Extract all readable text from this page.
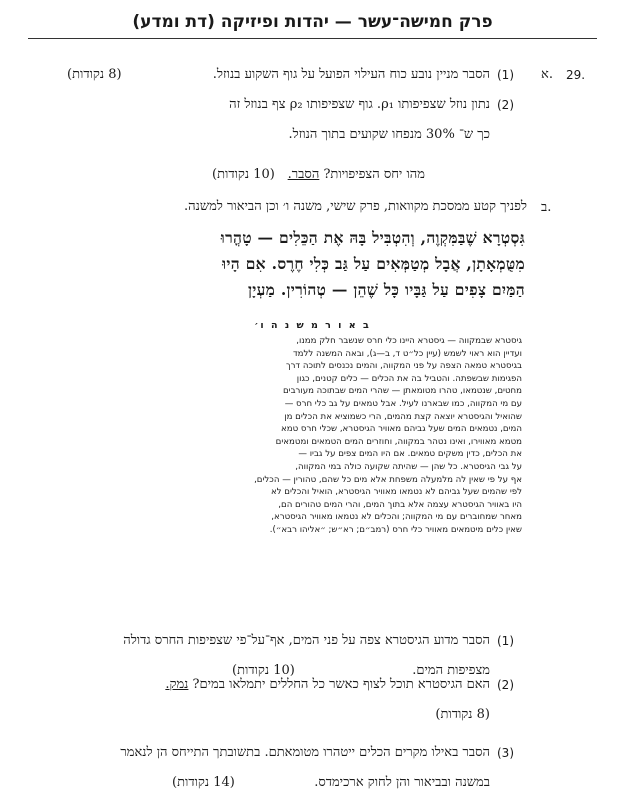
פרק חמישה־עשר — יהדות ופיזיקה (דת ומדע)
29.
א.
(1)
הסבר מניין נובע כוח העילוי הפועל על גוף השקוע בנוזל.
(8 נקודות)
(2)
נתון נוזל שצפיפותו ρ₁. גוף שצפיפותו ρ₂ צף בנוזל זה
כך ש־ 30% מנפחו שקועים בתוך הנוזל.
מהו יחס הצפיפויות? הסבר.
(10 נקודות)
ב.
לפניך קטע ממסכת מקוואות, פרק שישי, משנה ו׳ וכן הביאור למשנה.
גִּסְטְרָא שֶׁבַּמִּקְוֶה, וְהִטְבִּיל בָּהּ אֶת הַכֵּלִים — טָהֳרוּ
מִטֻּמְאָתָן, אֲבָל מְטַמְּאִים עַל גַּב כְּלִי חֶרֶס. אִם הָיוּ
הַמַּיִם צָפִים עַל גַּבָּיו כָּל שֶׁהֵן — טְהוֹרִין. מַעְיָן
ב א ו ר מ ש נ ה ו׳

גיסטרא שבמקווה — גיסטרא היינו כלי חרס שנשבר חלק ממנו,

ועדיין הוא ראוי לשמש (עיין כל״ט ד, ב—ג), ובאה המשנה ללמד

בגיסטרא טמאה הצפה על פני המקווה, והמים נכנסים לתוכה דרך

הפגימות שבשפתה. והטביל בה את הכלים — כלים קטנים, כגון

מחטים, שנטמאו, טהרו מטומאתן — שהרי המים שבתוכה מעורבים

עם מי המקווה, כמו שבארנו לעיל. אבל טמאים על גב כלי חרס —

שהואיל והגיסטרא יוצאה קצת מהמים, הרי כשמוציא את הכלים מן

המים, נטמאים המים שעל גביהם מאוויר הגיסטרא, שכלי חרס טמא

מטמא מאווירו, ואינו נטהר במקווה, וחוזרים המים הטמאים ומטמאים

את הכלים, כדין משקים טמאים. אם היו המים צפים על גביו —

על גבי הגיסטרא. כל שהן — שהיתה שקועה כולה במי המקווה,

אף על פי שאין לה מלמעלה משפחת אלא מים כל שהם, טהורין — הכלים,

לפי שהמים שעל גביהם לא נטמאו מאוויר הגיסטרא, הואיל והכלים לא

היו באוויר הגיסטרא עצמה אלא בתוך המים, והרי המים טהורים הם,

מאחר שמחוברים עם מי המקווה; והכלים לא נטמאו מאוויר הגיסטרא,

שאין כלים מיטמאים מאוויר כלי חרס (רמב״ם; רא״ש; ״אליהו רבא״).

(1)
הסבר מדוע הגיסטרא צפה על פני המים, אף־על־פי שצפיפות החרס גדולה
מצפיפות המים.
(10 נקודות)
(2)
האם הגיסטרא תוכל לצוף כאשר כל החללים יתמלאו במים? נמק.
(8 נקודות)
(3)
הסבר באילו מקרים הכלים ייטהרו מטומאתם. בתשובתך התייחס הן לנאמר
במשנה ובביאור והן לחוק ארכימדס.
(14 נקודות)
